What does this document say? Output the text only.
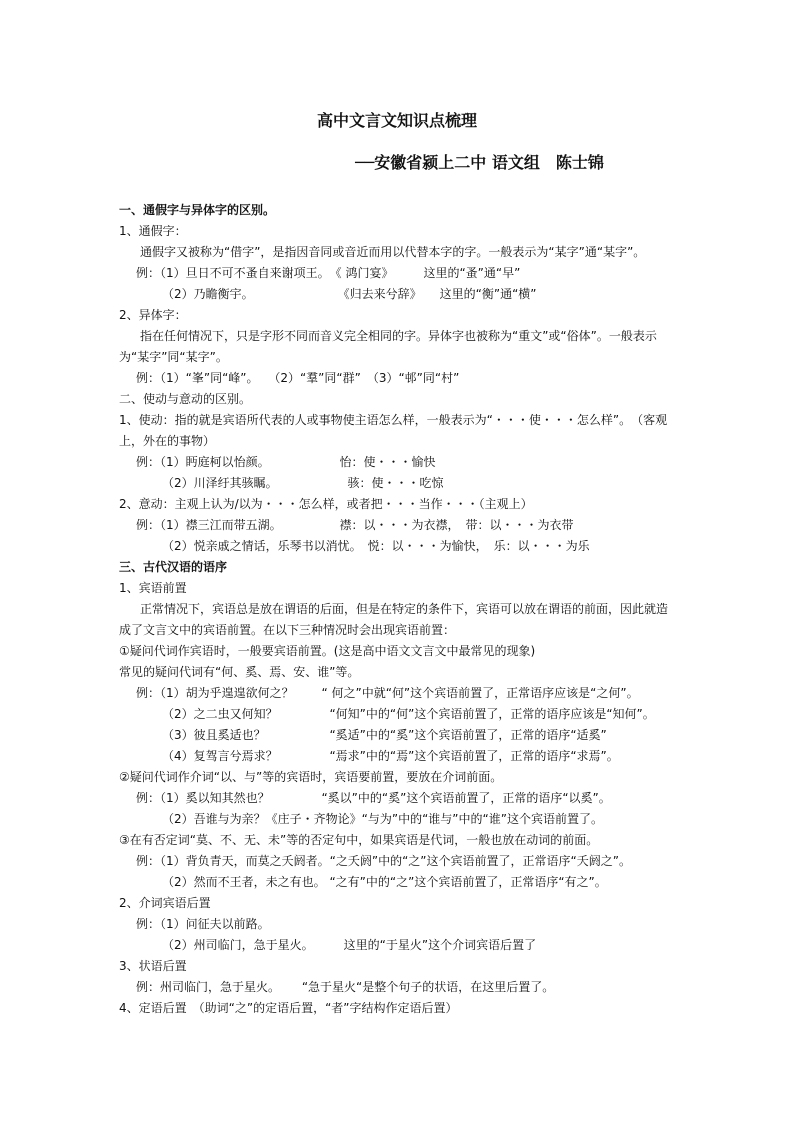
高中文言文知识点梳理
──安徽省颍上二中 语文组　陈士锦
一、通假字与异体字的区别。
1、通假字：
通假字又被称为“借字”，是指因音同或音近而用以代替本字的字。一般表示为“某字”通“某字”。
例：（1）旦日不可不蚤自来谢项王。　《 鸿门宴》　　　这里的“蚤”通“早”
（2）乃瞻衡宇。　　　　　　　　《归去来兮辞》　　这里的“衡”通“横”
2、异体字：
指在任何情况下，只是字形不同而音义完全相同的字。异体字也被称为“重文”或“俗体”。一般表示
为“某字”同“某字”。
例：（1）“峯”同“峰”。　 （2）“羣”同“群”　（3）“邨”同“村”
二、使动与意动的区别。
1、使动：指的就是宾语所代表的人或事物使主语怎么样，一般表示为“・・・使・・・怎么样”。　（客观
上，外在的事物）
例：（1）眄庭柯以怡颜。　　　　　　 怡：使・・・愉快
（2）川泽纡其骇瞩。　　　　　　 骇：使・・・吃惊
2、意动：主观上认为/以为・・・怎么样，或者把・・・当作・・・（主观上）
例：（1）襟三江而带五湖。　　　　　 襟：以・・・为衣襟，　带：以・・・为衣带
（2）悦亲戚之情话，乐琴书以消忧。　悦：以・・・为愉快，　乐：以・・・为乐
三、古代汉语的语序
1、宾语前置
正常情况下，宾语总是放在谓语的后面，但是在特定的条件下，宾语可以放在谓语的前面，因此就造
成了文言文中的宾语前置。在以下三种情况时会出现宾语前置：
①疑问代词作宾语时，一般要宾语前置。(这是高中语文文言文中最常见的现象)
常见的疑问代词有“何、奚、焉、安、谁”等。
例：（1）胡为乎遑遑欲何之？　　 “ 何之”中就“何”这个宾语前置了，正常语序应该是“之何”。
（2）之二虫又何知？　　　　 “何知”中的“何”这个宾语前置了，正常的语序应该是“知何”。
（3）彼且奚适也？　　　　　 “奚适”中的“奚”这个宾语前置了，正常的语序“适奚”
（4）复驾言兮焉求？　　　　 “焉求”中的“焉”这个宾语前置了，正常的语序“求焉”。
②疑问代词作介词“以、与”等的宾语时，宾语要前置，要放在介词前面。
例：（1）奚以知其然也？　　　　 “奚以”中的“奚”这个宾语前置了，正常的语序“以奚”。
（2）吾谁与为亲？《庄子・齐物论》“与为”中的“谁与”中的“谁”这个宾语前置了。
③在有否定词“莫、不、无、未”等的否定句中，如果宾语是代词，一般也放在动词的前面。
例：（1）背负青天，而莫之夭阏者。“之夭阏”中的“之”这个宾语前置了，正常语序“夭阏之”。
（2）然而不王者，未之有也。 “之有”中的“之”这个宾语前置了，正常语序“有之”。
2、介词宾语后置
例：（1）问征夫以前路。
（2）州司临门，急于星火。　　　这里的“于星火”这个介词宾语后置了
3、状语后置
例：州司临门，急于星火。　　 “急于星火“是整个句子的状语，在这里后置了。
4、定语后置　（助词“之”的定语后置，“者”字结构作定语后置）
